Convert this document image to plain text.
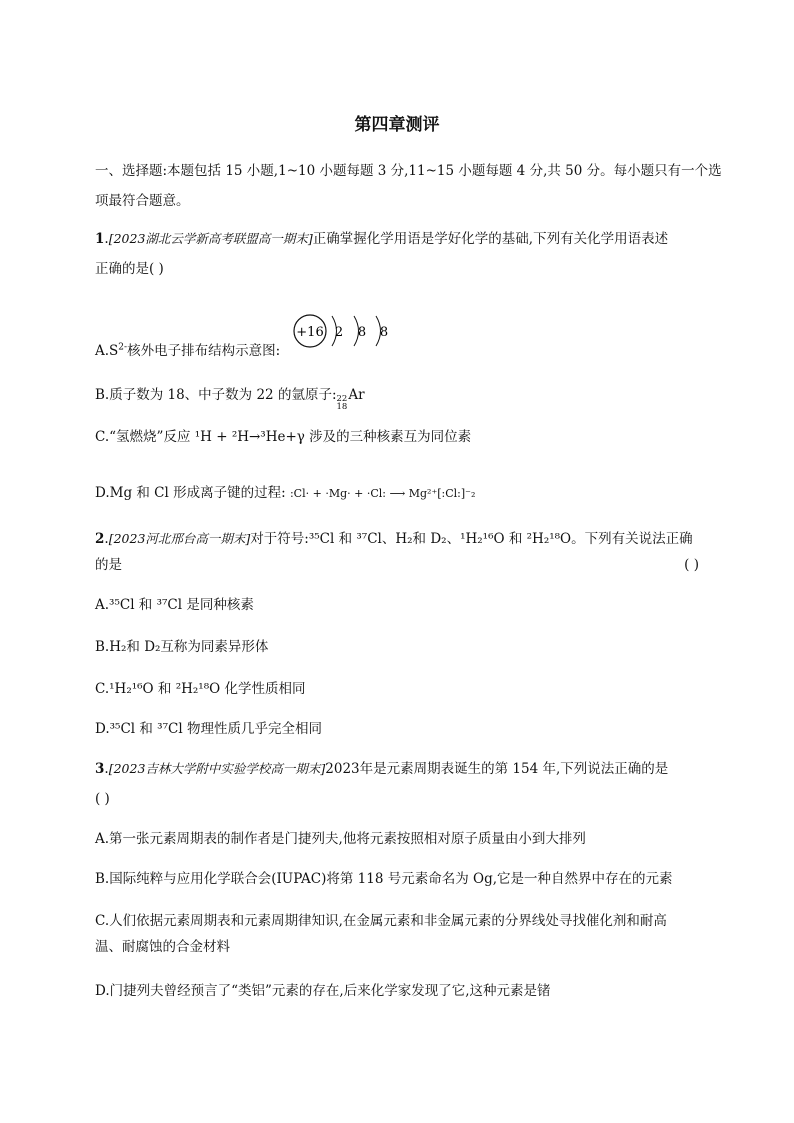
第四章测评
一、选择题:本题包括 15 小题,1~10 小题每题 3 分,11~15 小题每题 4 分,共 50 分。每小题只有一个选
项最符合题意。
1.[2023湖北云学新高考联盟高一期末]正确掌握化学用语是学好化学的基础,下列有关化学用语表述
正确的是( )
$A.S^{2-}$核外电子排布结构示意图:
+16 2 8 8
B.质子数为 18、中子数为 22 的氩原子: 22
18
Ar
C.“氢燃烧”反应 ¹H + ²H→³He+γ 涉及的三种核素互为同位素
D.Mg 和 Cl 形成离子键的过程: :Cl· + ·Mg· + ·Cl: ⟶ Mg²⁺[:Cl:]⁻₂
2.[2023河北邢台高一期末]对于符号:³⁵Cl 和 ³⁷Cl、H₂和 D₂、¹H₂¹⁶O 和 ²H₂¹⁸O。下列有关说法正确
的是	( )
A.³⁵Cl 和 ³⁷Cl 是同种核素
B.H₂和 D₂互称为同素异形体
C.¹H₂¹⁶O 和 ²H₂¹⁸O 化学性质相同
D.³⁵Cl 和 ³⁷Cl 物理性质几乎完全相同
3.[2023吉林大学附中实验学校高一期末]2023年是元素周期表诞生的第 154 年,下列说法正确的是
( )
A.第一张元素周期表的制作者是门捷列夫,他将元素按照相对原子质量由小到大排列
B.国际纯粹与应用化学联合会(IUPAC)将第 118 号元素命名为 Og,它是一种自然界中存在的元素
C.人们依据元素周期表和元素周期律知识,在金属元素和非金属元素的分界线处寻找催化剂和耐高
温、耐腐蚀的合金材料
D.门捷列夫曾经预言了“类铝”元素的存在,后来化学家发现了它,这种元素是锗
